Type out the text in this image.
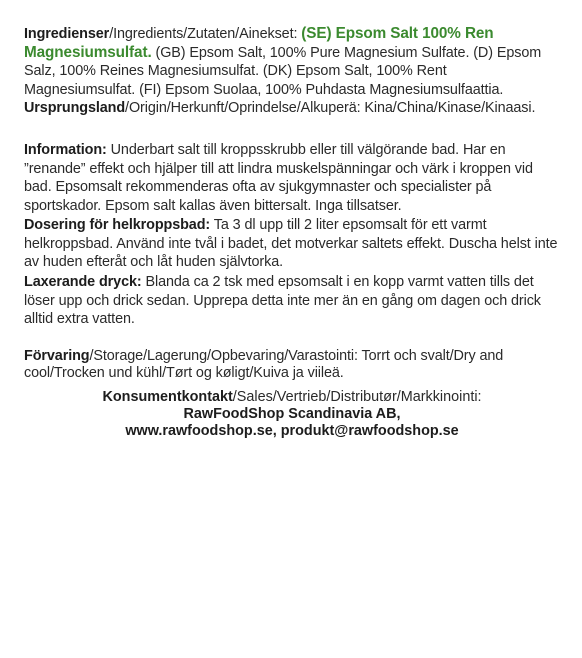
Ingredienser/Ingredients/Zutaten/Ainekset: (SE) Epsom Salt 100% Ren Magnesiumsulfat. (GB) Epsom Salt, 100% Pure Magnesium Sulfate. (D) Epsom Salz, 100% Reines Magnesiumsulfat. (DK) Epsom Salt, 100% Rent Magnesiumsulfat. (FI) Epsom Suolaa, 100% Puhdasta Magnesiumsulfaattia. Ursprungsland/Origin/Herkunft/Oprindelse/Alkuperä: Kina/China/Kinase/Kinaasi.

Information: Underbart salt till kroppsskrubb eller till välgörande bad. Har en ”renande” effekt och hjälper till att lindra muskelspänningar och värk i kroppen vid bad. Epsomsalt rekommenderas ofta av sjukgymnaster och specialister på sportskador. Epsom salt kallas även bittersalt. Inga tillsatser.

Dosering för helkroppsbad: Ta 3 dl upp till 2 liter epsomsalt för ett varmt helkroppsbad. Använd inte tvål i badet, det motverkar saltets effekt. Duscha helst inte av huden efteråt och låt huden självtorka.

Laxerande dryck: Blanda ca 2 tsk med epsomsalt i en kopp varmt vatten tills det löser upp och drick sedan. Upprepa detta inte mer än en gång om dagen och drick alltid extra vatten.

Förvaring/Storage/Lagerung/Opbevaring/Varastointi: Torrt och svalt/Dry and cool/Trocken und kühl/Tørt og køligt/Kuiva ja viileä.

Konsumentkontakt/Sales/Vertrieb/Distributør/Markkinointi:
RawFoodShop Scandinavia AB,
www.rawfoodshop.se, produkt@rawfoodshop.se
